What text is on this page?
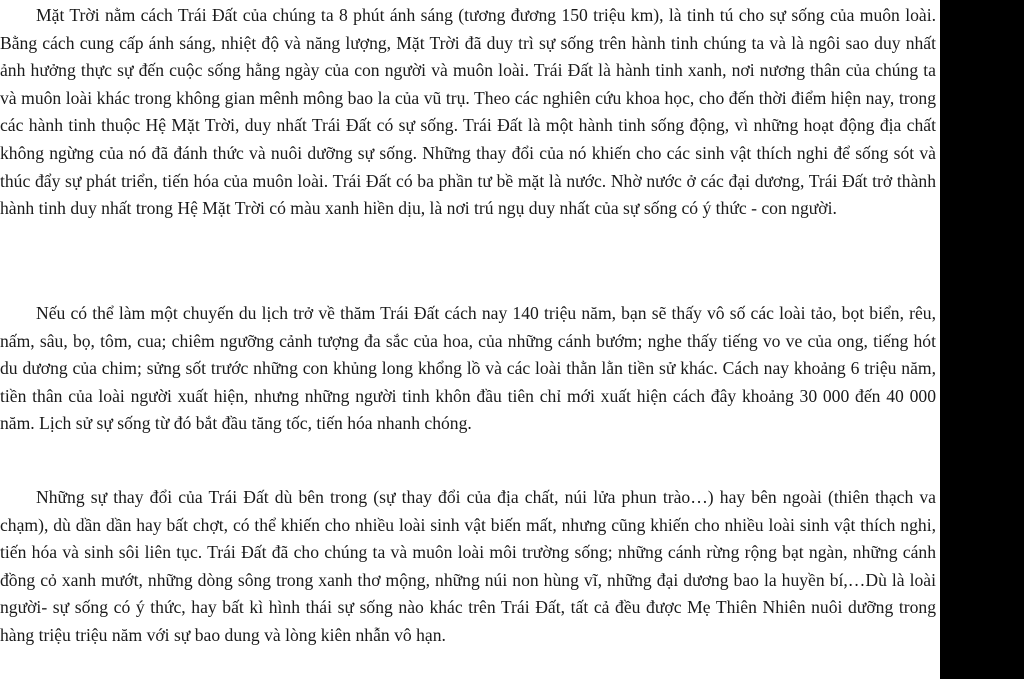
Mặt Trời nằm cách Trái Đất của chúng ta 8 phút ánh sáng (tương đương 150 triệu km), là tinh tú cho sự sống của muôn loài. Bằng cách cung cấp ánh sáng, nhiệt độ và năng lượng, Mặt Trời đã duy trì sự sống trên hành tinh chúng ta và là ngôi sao duy nhất ảnh hưởng thực sự đến cuộc sống hằng ngày của con người và muôn loài. Trái Đất là hành tinh xanh, nơi nương thân của chúng ta và muôn loài khác trong không gian mênh mông bao la của vũ trụ. Theo các nghiên cứu khoa học, cho đến thời điểm hiện nay, trong các hành tinh thuộc Hệ Mặt Trời, duy nhất Trái Đất có sự sống. Trái Đất là một hành tinh sống động, vì những hoạt động địa chất không ngừng của nó đã đánh thức và nuôi dưỡng sự sống. Những thay đổi của nó khiến cho các sinh vật thích nghi để sống sót và thúc đẩy sự phát triển, tiến hóa của muôn loài. Trái Đất có ba phần tư bề mặt là nước. Nhờ nước ở các đại dương, Trái Đất trở thành hành tinh duy nhất trong Hệ Mặt Trời có màu xanh hiền dịu, là nơi trú ngụ duy nhất của sự sống có ý thức - con người.

Nếu có thể làm một chuyến du lịch trở về thăm Trái Đất cách nay 140 triệu năm, bạn sẽ thấy vô số các loài tảo, bọt biển, rêu, nấm, sâu, bọ, tôm, cua; chiêm ngưỡng cảnh tượng đa sắc của hoa, của những cánh bướm; nghe thấy tiếng vo ve của ong, tiếng hót du dương của chim; sửng sốt trước những con khủng long khổng lồ và các loài thằn lằn tiền sử khác. Cách nay khoảng 6 triệu năm, tiền thân của loài người xuất hiện, nhưng những người tinh khôn đầu tiên chỉ mới xuất hiện cách đây khoảng 30 000 đến 40 000 năm. Lịch sử sự sống từ đó bắt đầu tăng tốc, tiến hóa nhanh chóng.

Những sự thay đổi của Trái Đất dù bên trong (sự thay đổi của địa chất, núi lửa phun trào…) hay bên ngoài (thiên thạch va chạm), dù dần dần hay bất chợt, có thể khiến cho nhiều loài sinh vật biến mất, nhưng cũng khiến cho nhiều loài sinh vật thích nghi, tiến hóa và sinh sôi liên tục. Trái Đất đã cho chúng ta và muôn loài môi trường sống; những cánh rừng rộng bạt ngàn, những cánh đồng cỏ xanh mướt, những dòng sông trong xanh thơ mộng, những núi non hùng vĩ, những đại dương bao la huyền bí,…Dù là loài người- sự sống có ý thức, hay bất kì hình thái sự sống nào khác trên Trái Đất, tất cả đều được Mẹ Thiên Nhiên nuôi dưỡng trong hàng triệu triệu năm với sự bao dung và lòng kiên nhẫn vô hạn.
